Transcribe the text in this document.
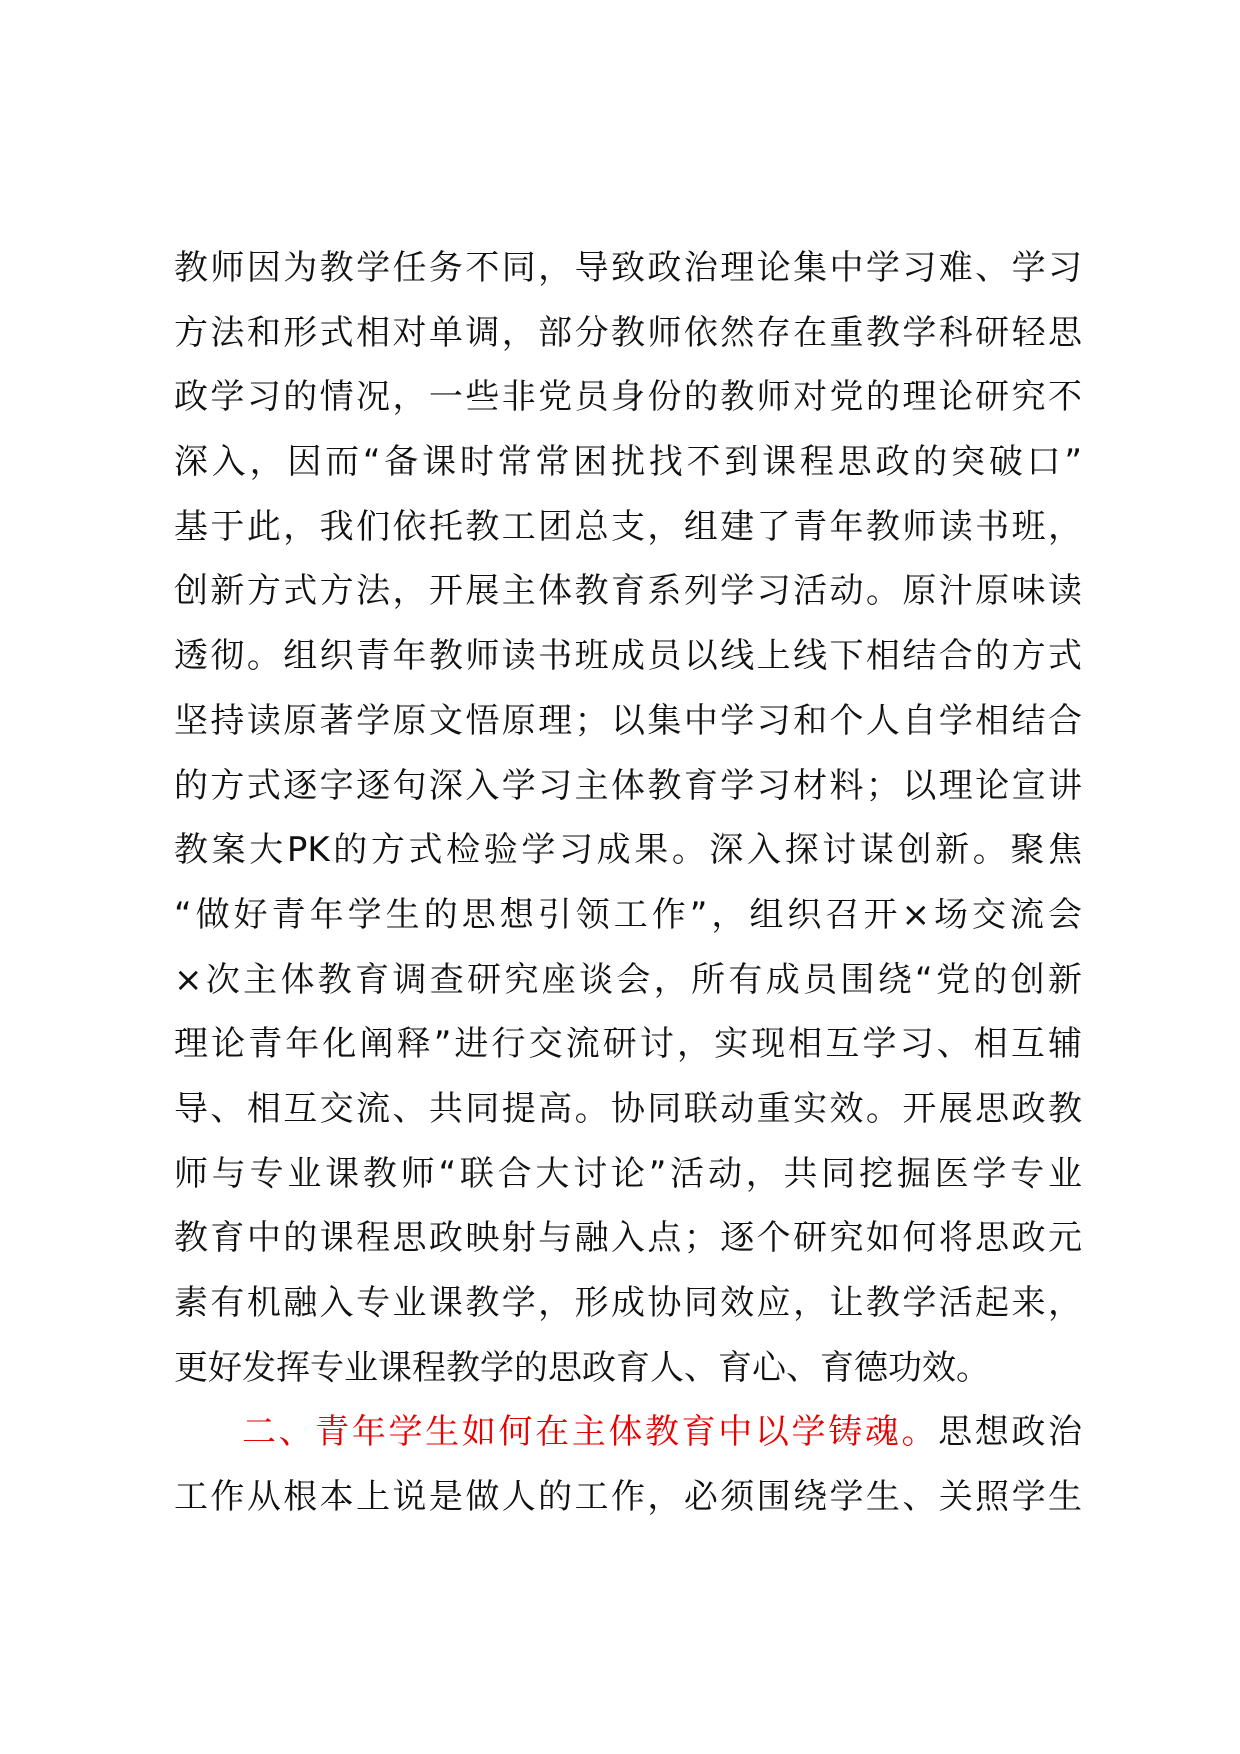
教师因为教学任务不同，导致政治理论集中学习难、学习
方法和形式相对单调，部分教师依然存在重教学科研轻思
政学习的情况，一些非党员身份的教师对党的理论研究不
深入，因而“备课时常常困扰找不到课程思政的突破口”
基于此，我们依托教工团总支，组建了青年教师读书班，
创新方式方法，开展主体教育系列学习活动。原汁原味读
透彻。组织青年教师读书班成员以线上线下相结合的方式
坚持读原著学原文悟原理；以集中学习和个人自学相结合
的方式逐字逐句深入学习主体教育学习材料；以理论宣讲
教案大PK的方式检验学习成果。深入探讨谋创新。聚焦
“做好青年学生的思想引领工作”，组织召开×场交流会
×次主体教育调查研究座谈会，所有成员围绕“党的创新
理论青年化阐释”进行交流研讨，实现相互学习、相互辅
导、相互交流、共同提高。协同联动重实效。开展思政教
师与专业课教师“联合大讨论”活动，共同挖掘医学专业
教育中的课程思政映射与融入点；逐个研究如何将思政元
素有机融入专业课教学，形成协同效应，让教学活起来，
更好发挥专业课程教学的思政育人、育心、育德功效。
二、青年学生如何在主体教育中以学铸魂。思想政治
工作从根本上说是做人的工作，必须围绕学生、关照学生
